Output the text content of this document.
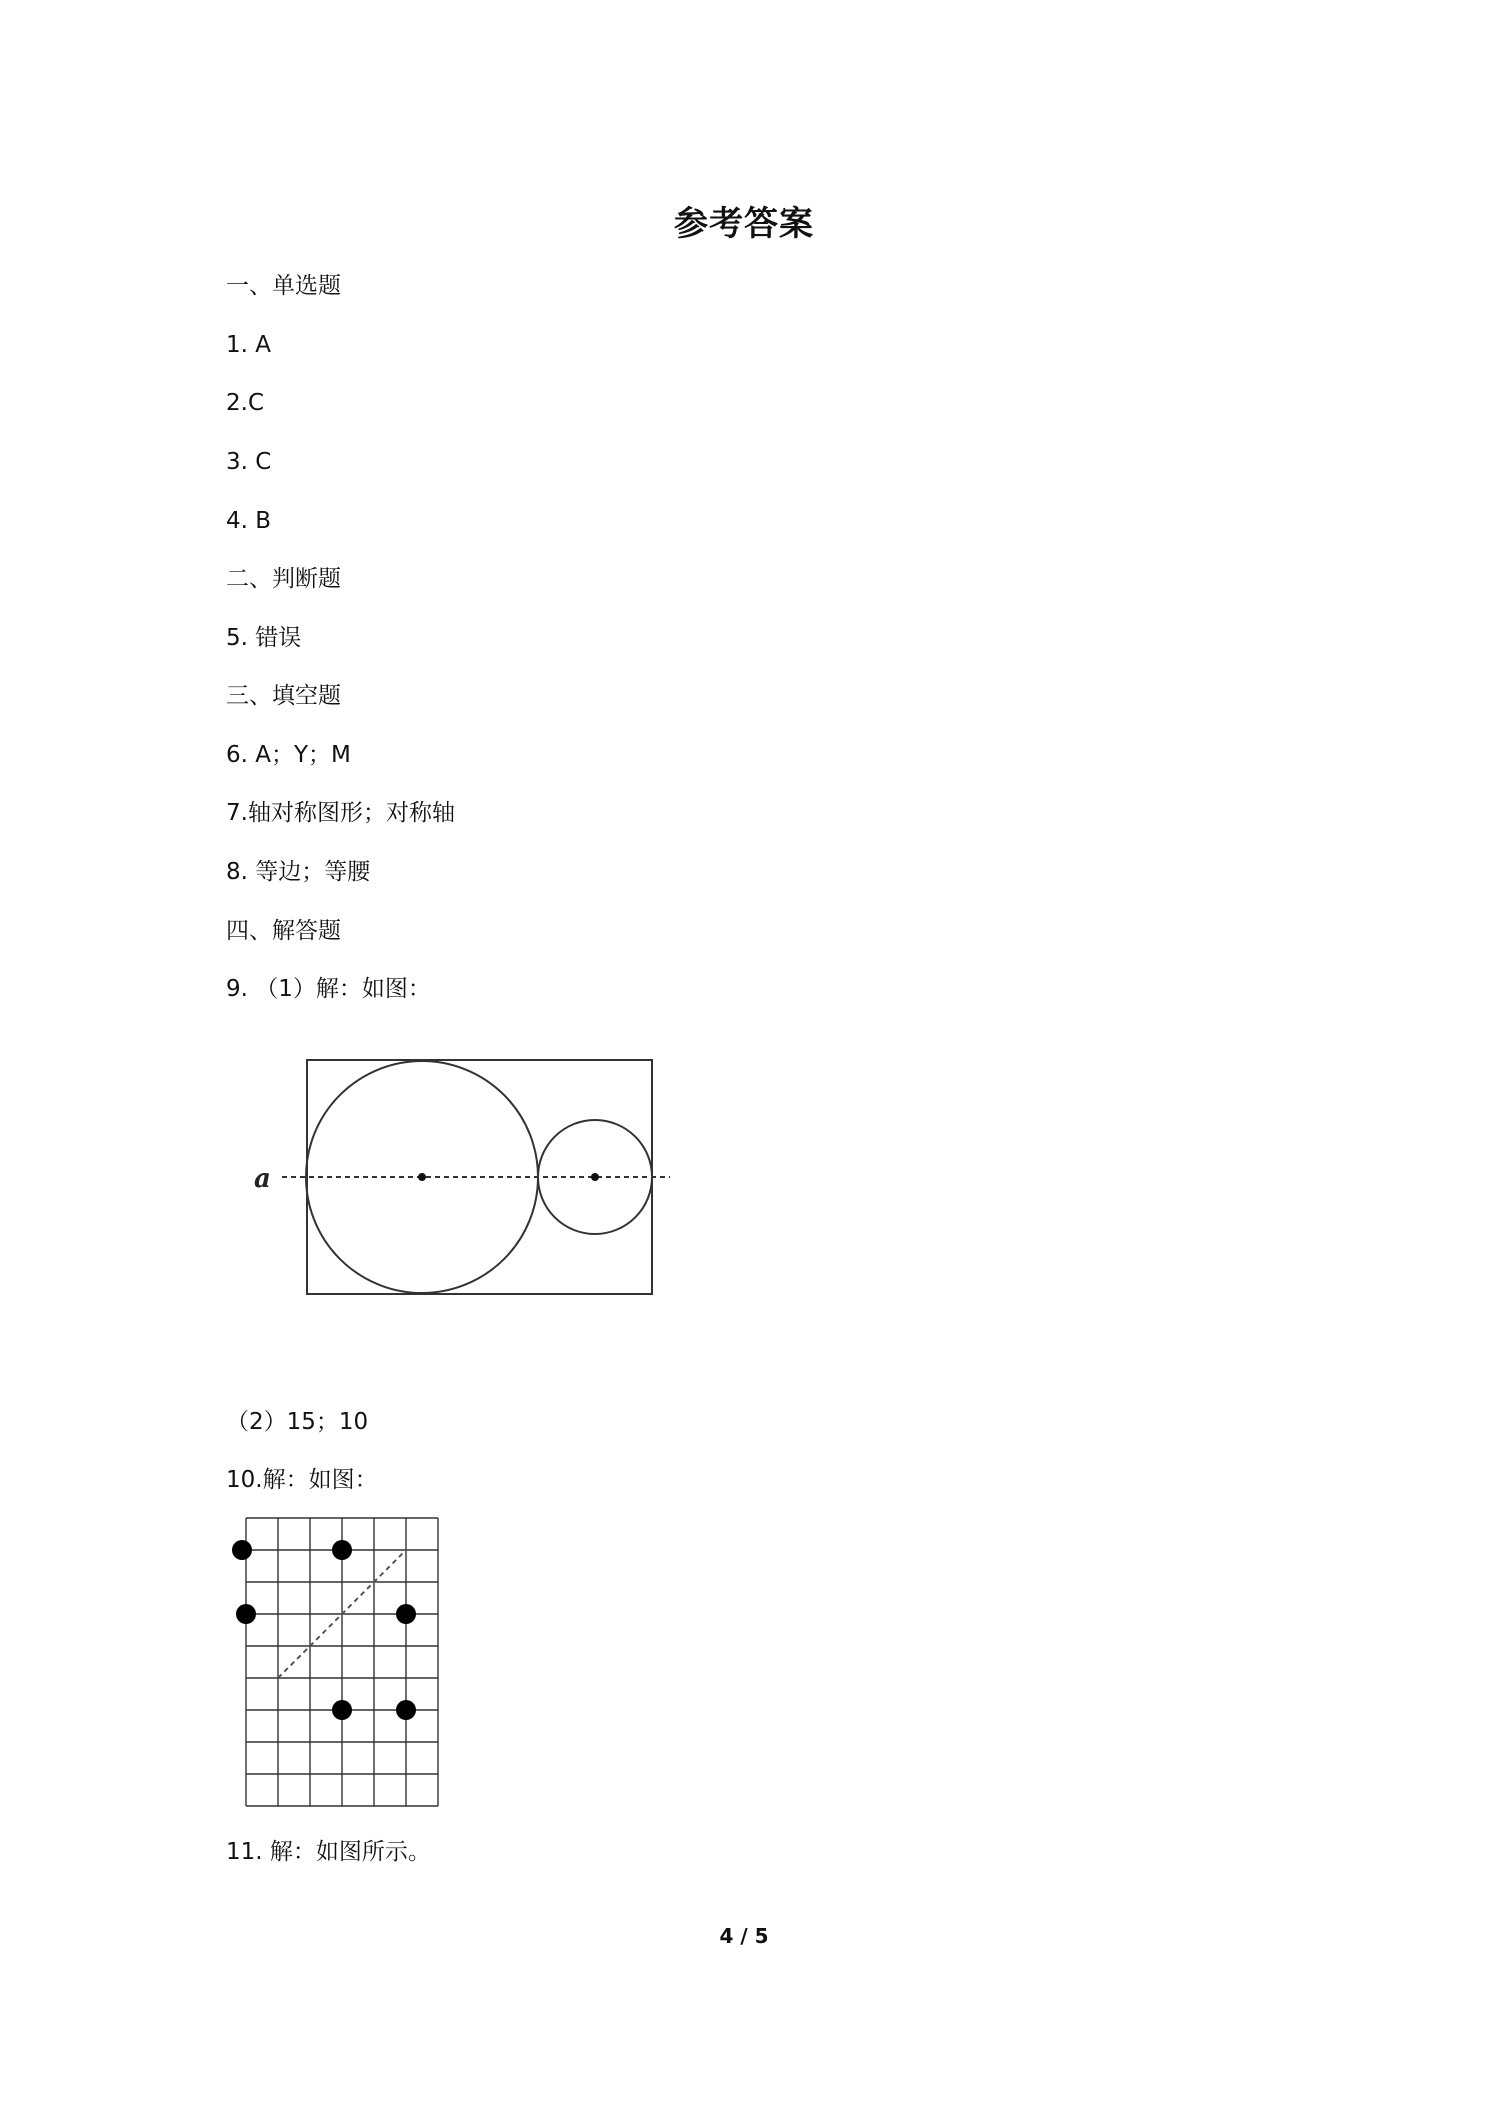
参考答案
一、单选题
1. A
2.C
3. C
4. B
二、判断题
5. 错误
三、填空题
6. A；Y；M
7.轴对称图形；对称轴
8. 等边；等腰
四、解答题
9. （1）解：如图：
a
（2）15；10
10.解：如图：
11. 解：如图所示。
4 / 5
